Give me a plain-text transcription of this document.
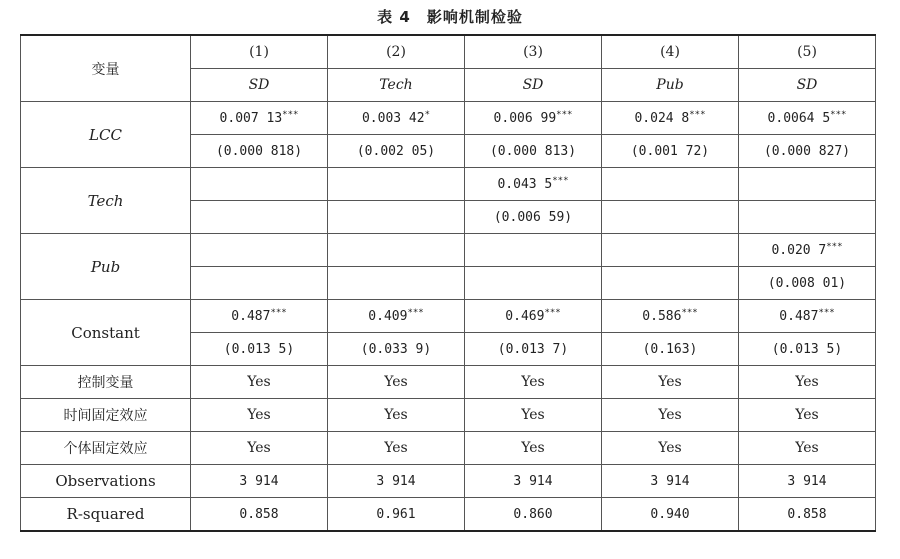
表 4　影响机制检验
变量	(1)	(2)	(3)	(4)	(5)
	SD	Tech	SD	Pub	SD
LCC	0.007 13***	0.003 42*	0.006 99***	0.024 8***	0.0064 5***
	(0.000 818)	(0.002 05)	(0.000 813)	(0.001 72)	(0.000 827)
Tech			0.043 5***		
			(0.006 59)		
Pub					0.020 7***
					(0.008 01)
Constant	0.487***	0.409***	0.469***	0.586***	0.487***
	(0.013 5)	(0.033 9)	(0.013 7)	(0.163)	(0.013 5)
控制变量	Yes	Yes	Yes	Yes	Yes
时间固定效应	Yes	Yes	Yes	Yes	Yes
个体固定效应	Yes	Yes	Yes	Yes	Yes
Observations	3 914	3 914	3 914	3 914	3 914
R-squared	0.858	0.961	0.860	0.940	0.858
